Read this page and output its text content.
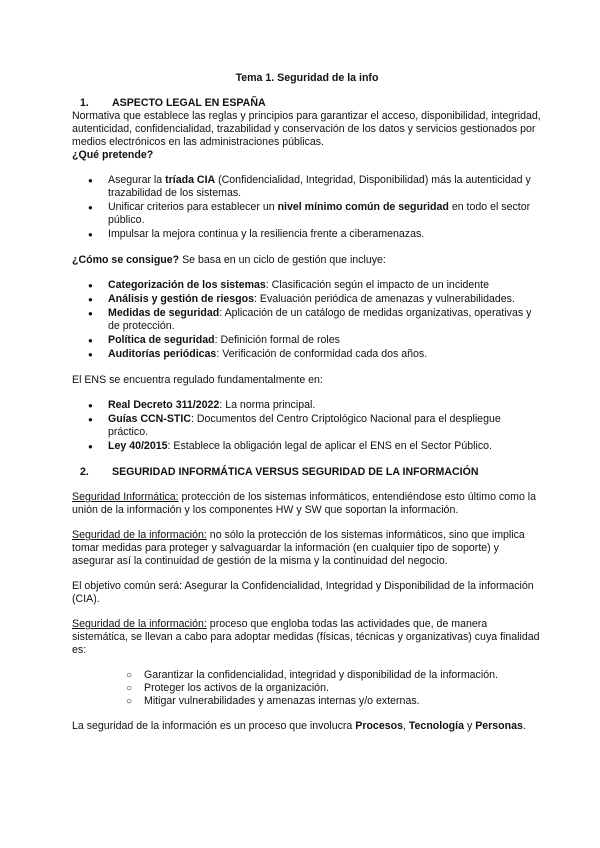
Tema 1. Seguridad de la info

1. ASPECTO LEGAL EN ESPAÑA

Normativa que establece las reglas y principios para garantizar el acceso, disponibilidad, integridad, autenticidad, confidencialidad, trazabilidad y conservación de los datos y servicios gestionados por medios electrónicos en las administraciones públicas.

¿Qué pretende?

● Asegurar la tríada CIA (Confidencialidad, Integridad, Disponibilidad) más la autenticidad y trazabilidad de los sistemas.
● Unificar criterios para establecer un nivel mínimo común de seguridad en todo el sector público.
● Impulsar la mejora continua y la resiliencia frente a ciberamenazas.

¿Cómo se consigue? Se basa en un ciclo de gestión que incluye:

● Categorización de los sistemas: Clasificación según el impacto de un incidente
● Análisis y gestión de riesgos: Evaluación periódica de amenazas y vulnerabilidades.
● Medidas de seguridad: Aplicación de un catálogo de medidas organizativas, operativas y de protección.
● Política de seguridad: Definición formal de roles
● Auditorías periódicas: Verificación de conformidad cada dos años.

El ENS se encuentra regulado fundamentalmente en:

● Real Decreto 311/2022: La norma principal.
● Guías CCN-STIC: Documentos del Centro Criptológico Nacional para el despliegue práctico.
● Ley 40/2015: Establece la obligación legal de aplicar el ENS en el Sector Público.

2. SEGURIDAD INFORMÁTICA VERSUS SEGURIDAD DE LA INFORMACIÓN

Seguridad Informática: protección de los sistemas informáticos, entendiéndose esto último como la unión de la información y los componentes HW y SW que soportan la información.

Seguridad de la información: no sólo la protección de los sistemas informáticos, sino que implica tomar medidas para proteger y salvaguardar la información (en cualquier tipo de soporte) y asegurar así la continuidad de gestión de la misma y la continuidad del negocio.

El objetivo común será: Asegurar la Confidencialidad, Integridad y Disponibilidad de la información (CIA).

Seguridad de la información: proceso que engloba todas las actividades que, de manera sistemática, se llevan a cabo para adoptar medidas (físicas, técnicas y organizativas) cuya finalidad es:

○ Garantizar la confidencialidad, integridad y disponibilidad de la información.
○ Proteger los activos de la organización.
○ Mitigar vulnerabilidades y amenazas internas y/o externas.

La seguridad de la información es un proceso que involucra Procesos, Tecnología y Personas.
